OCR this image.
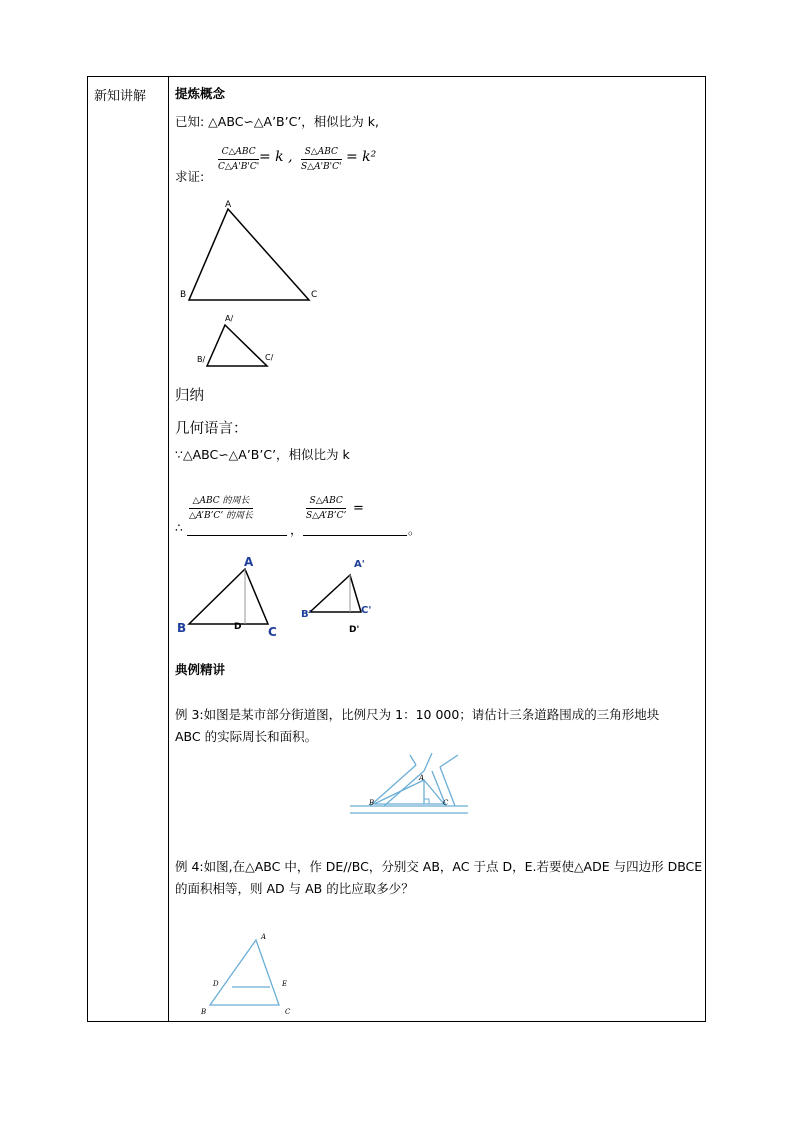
新知讲解 提炼概念
已知: △ABC∽△A’B’C’，相似比为 k,
C△ABC
C△A'B'C'
= k ,	S△ABC
S△A'B'C'
= k²
求证:
A
B	C
A/
B/	C/
归纳
几何语言：
∵△ABC∽△A’B’C’，相似比为 k
△ABC 的周长
△A’B’C’ 的周长
∴	，
S△ABC
S△A’B’C’ =
。
A
B	C
D
A'
B'	C'
D'
典例精讲
例 3:如图是某市部分街道图，比例尺为 1：10 000；请估计三条道路围成的三角形地块
ABC 的实际周长和面积。
A
B	C
例 4:如图,在△ABC 中，作 DE//BC，分别交 AB，AC 于点 D，E.若要使△ADE 与四边形 DBCE
的面积相等，则 AD 与 AB 的比应取多少？
A
D	E
B	C
